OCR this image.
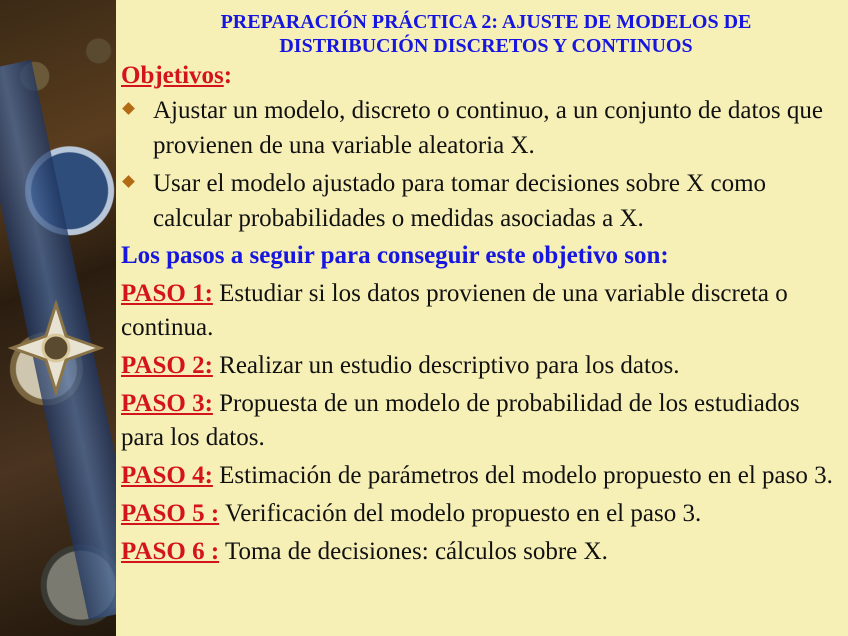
PREPARACIÓN PRÁCTICA 2: AJUSTE DE MODELOS DE
DISTRIBUCIÓN DISCRETOS Y CONTINUOS
Objetivos:
Ajustar un modelo, discreto o continuo, a un conjunto de datos que provienen de una variable aleatoria X.
Usar el modelo ajustado para tomar decisiones sobre X como calcular probabilidades o medidas asociadas a X.
Los pasos a seguir para conseguir este objetivo son:
PASO 1: Estudiar si los datos provienen de una variable discreta o continua.
PASO 2: Realizar un estudio descriptivo para los datos.
PASO 3: Propuesta de un modelo de probabilidad de los estudiados para los datos.
PASO 4: Estimación de parámetros del modelo propuesto en el paso 3.
PASO 5 : Verificación del modelo propuesto en el paso 3.
PASO 6 : Toma de decisiones: cálculos sobre X.
